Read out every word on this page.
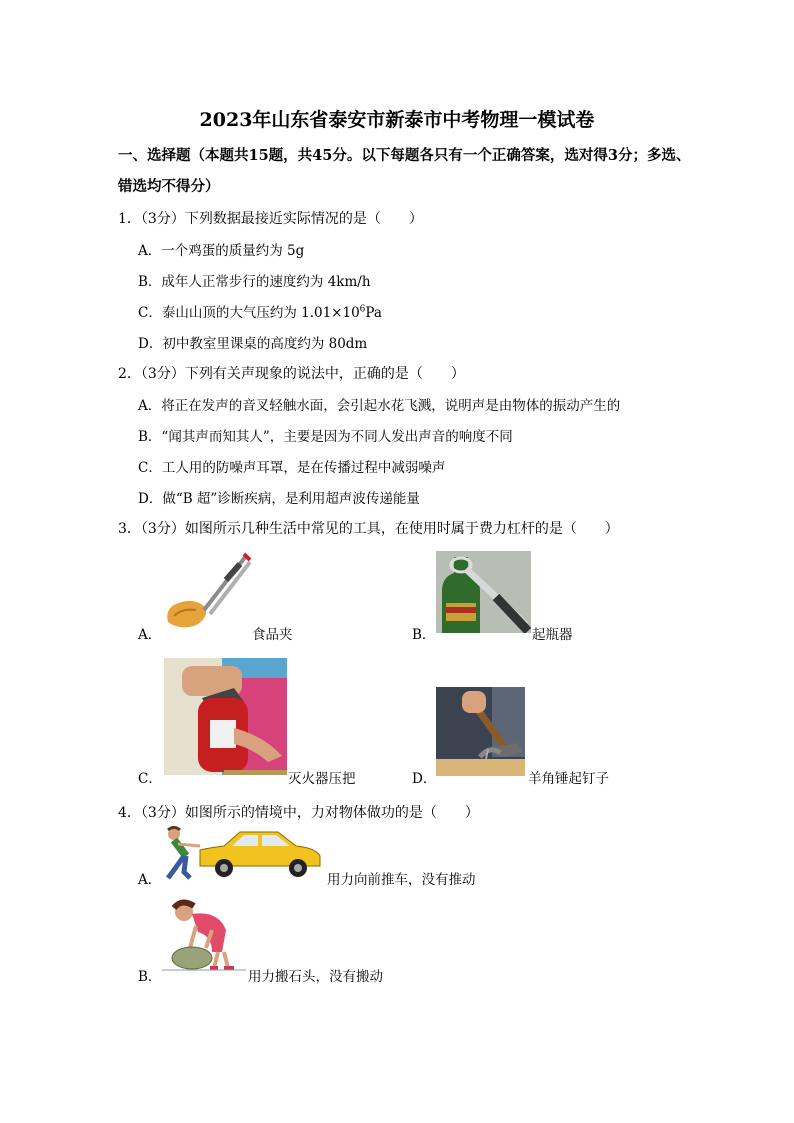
2023年山东省泰安市新泰市中考物理一模试卷
一、选择题（本题共15题，共45分。以下每题各只有一个正确答案，选对得3分；多选、
错选均不得分）
1．（3分）下列数据最接近实际情况的是（　　）
A．一个鸡蛋的质量约为 5g
B．成年人正常步行的速度约为 4km/h
C．泰山山顶的大气压约为 $1.01\times 10^6Pa$
D．初中教室里课桌的高度约为 80dm
2．（3分）下列有关声现象的说法中，正确的是（　　）
A．将正在发声的音叉轻触水面，会引起水花飞溅，说明声是由物体的振动产生的
B．“闻其声而知其人”，主要是因为不同人发出声音的响度不同
C．工人用的防噪声耳罩，是在传播过程中减弱噪声
D．做“B 超”诊断疾病，是利用超声波传递能量
3．（3分）如图所示几种生活中常见的工具，在使用时属于费力杠杆的是（　　）
A．	食品夹	B．	起瓶器
C．	灭火器压把	D．	羊角锤起钉子
4．（3分）如图所示的情境中，力对物体做功的是（　　）
A．	用力向前推车，没有推动
B．	用力搬石头，没有搬动
